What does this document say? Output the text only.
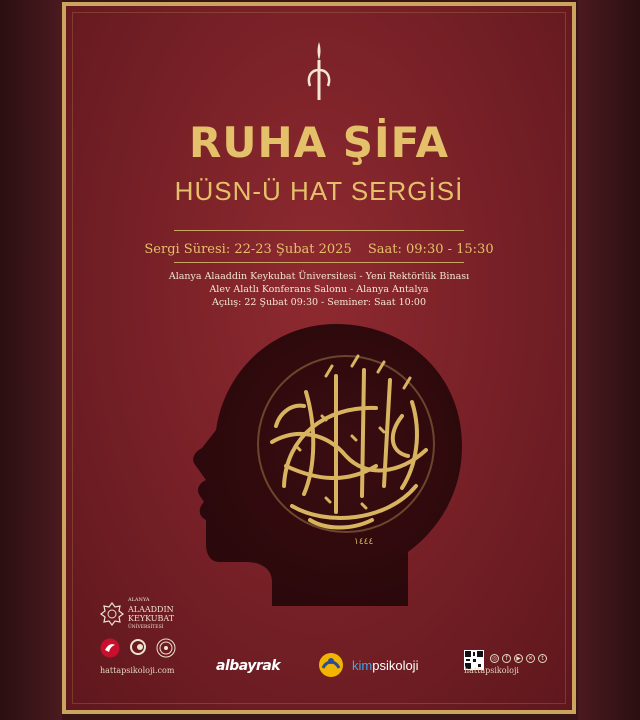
RUHA ŞİFA
HÜSN-Ü HAT SERGİSİ
Sergi Süresi: 22-23 Şubat 2025 Saat: 09:30 - 15:30
Alanya Alaaddin Keykubat Üniversitesi - Yeni Rektörlük Binası
Alev Alatlı Konferans Salonu - Alanya Antalya
Açılış: 22 Şubat 09:30 - Seminer: Saat 10:00
١٤٤٤
ALANYA
ALAADDIN
KEYKUBAT
ÜNİVERSİTESİ
hattapsikoloji.com	albayrak	kimpsikoloji	◎	f	▶	✕	t
hattapsikoloji
